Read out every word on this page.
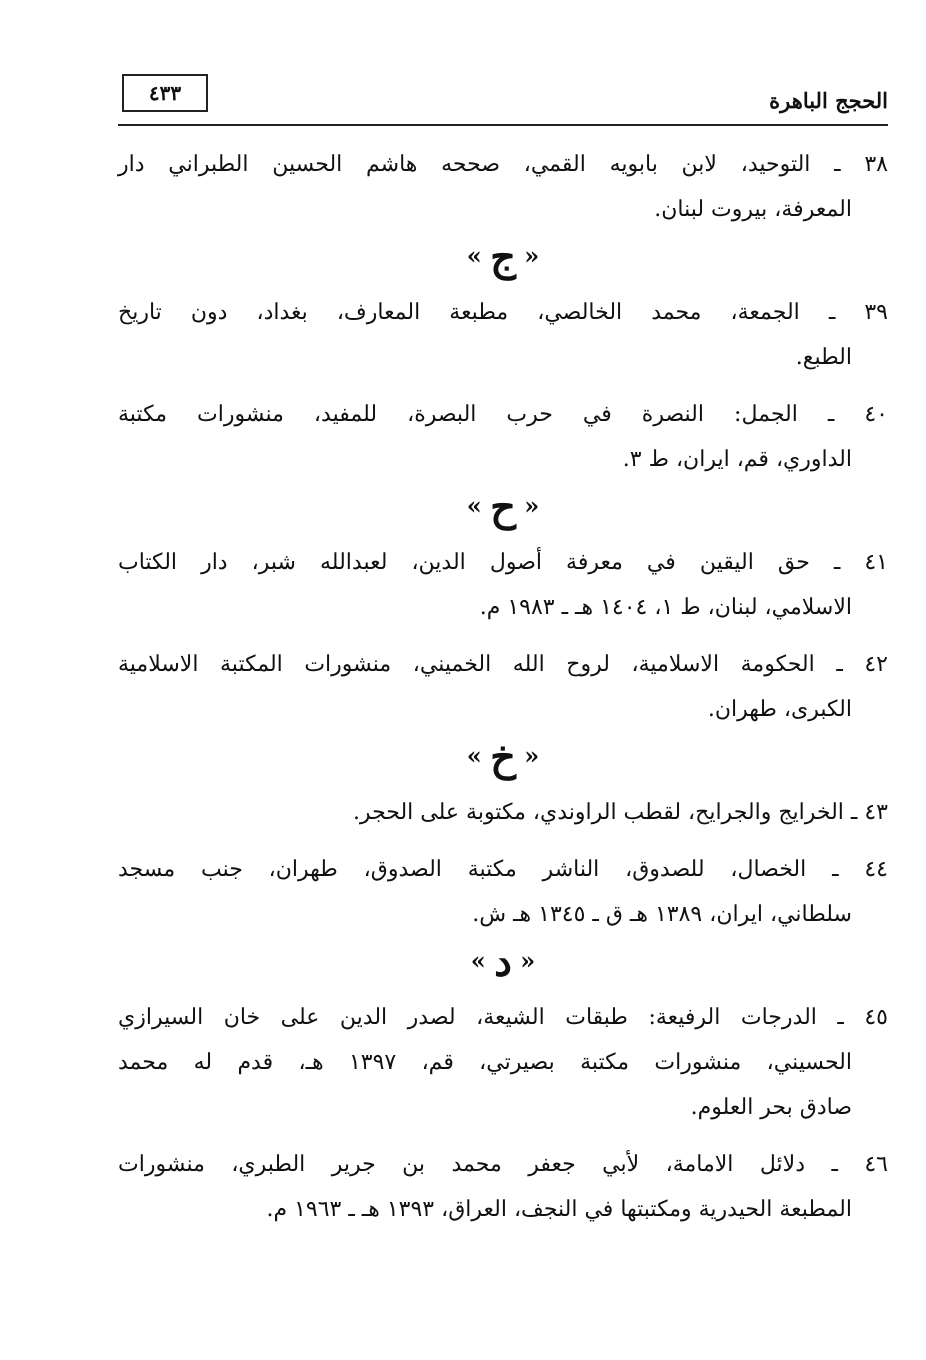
الحجج الباهرة
٤٣٣
٣٨ ـ التوحيد، لابن بابويه القمي، صححه هاشم الحسين الطبراني دار
المعرفة، بيروت لبنان.
« ج »
٣٩ ـ الجمعة، محمد الخالصي، مطبعة المعارف، بغداد، دون تاريخ
الطبع.
٤٠ ـ الجمل: النصرة في حرب البصرة، للمفيد، منشورات مكتبة
الداوري، قم، ايران، ط ٣.
« ح »
٤١ ـ حق اليقين في معرفة أصول الدين، لعبدالله شبر، دار الكتاب
الاسلامي، لبنان، ط ١، ١٤٠٤ هـ ـ ١٩٨٣ م.
٤٢ ـ الحكومة الاسلامية، لروح الله الخميني، منشورات المكتبة الاسلامية
الكبرى، طهران.
« خ »
٤٣ ـ الخرايج والجرايح، لقطب الراوندي، مكتوبة على الحجر.
٤٤ ـ الخصال، للصدوق، الناشر مكتبة الصدوق، طهران، جنب مسجد
سلطاني، ايران، ١٣٨٩ هـ ق ـ ١٣٤٥ هـ ش.
« د »
٤٥ ـ الدرجات الرفيعة: طبقات الشيعة، لصدر الدين على خان السيرازي
الحسيني، منشورات مكتبة بصيرتي، قم، ١٣٩٧ هـ، قدم له محمد
صادق بحر العلوم.
٤٦ ـ دلائل الامامة، لأبي جعفر محمد بن جرير الطبري، منشورات
المطبعة الحيدرية ومكتبتها في النجف، العراق، ١٣٩٣ هـ ـ ١٩٦٣ م.
